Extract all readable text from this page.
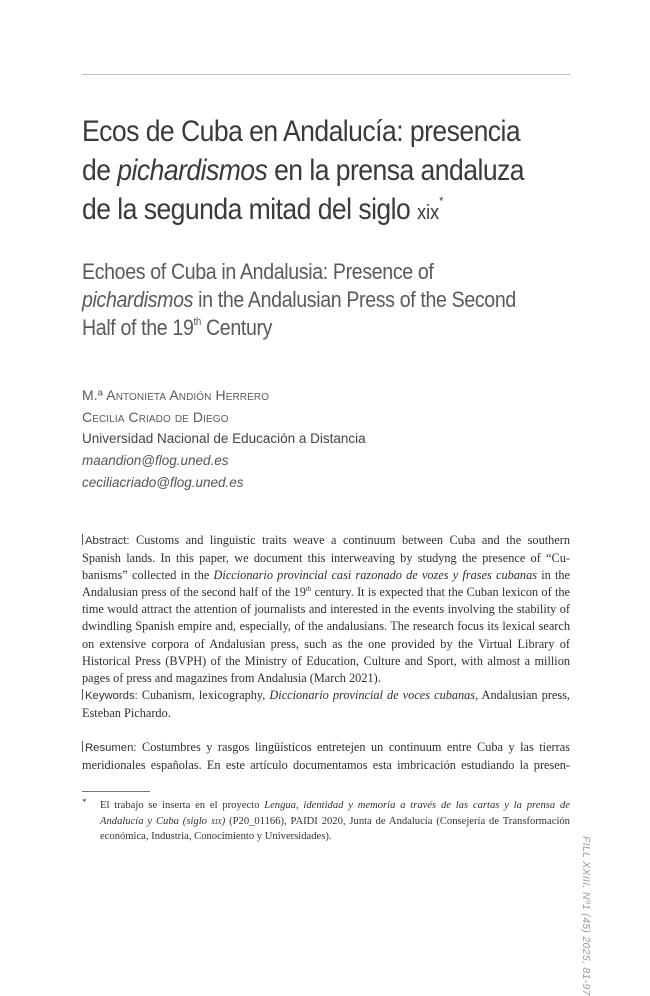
Ecos de Cuba en Andalucía: presencia
de pichardismos en la prensa andaluza
de la segunda mitad del siglo xix*
Echoes of Cuba in Andalusia: Presence of
pichardismos in the Andalusian Press of the Second
Half of the 19th Century
M.ª Antonieta Andión Herrero
Cecilia Criado de Diego
Universidad Nacional de Educación a Distancia
maandion@flog.uned.es
ceciliacriado@flog.uned.es

Abstract: Customs and linguistic traits weave a continuum between Cuba and the southern Spanish lands. In this paper, we document this interweaving by studyng the presence of “Cubanisms” collected in the Diccionario provincial casi razonado de vozes y frases cubanas in the Andalusian press of the second half of the 19th century. It is expected that the Cuban lexicon of the time would attract the attention of journalists and interested in the events involving the stability of dwindling Spanish empire and, especially, of the andalusians. The research focus its lexical search on extensive corpora of Andalusian press, such as the one provided by the Virtual Library of Historical Press (BVPH) of the Ministry of Education, Culture and Sport, with almost a million pages of press and magazines from Andalusia (March 2021).

Keywords: Cubanism, lexicography, Diccionario provincial de voces cubanas, Andalusian press, Esteban Pichardo.

Resumen: Costumbres y rasgos lingüísticos entretejen un continuum entre Cuba y las tierras meridionales españolas. En este artículo documentamos esta imbricación estudiando la presen-

FILL XXIII, Nº1 (45) 2025, 81-97
* El trabajo se inserta en el proyecto Lengua, identidad y memoria a través de las cartas y la prensa de Andalucía y Cuba (siglo xix) (P20_01166), PAIDI 2020, Junta de Andalucía (Consejería de Transformación económica, Industria, Conocimiento y Universidades).
